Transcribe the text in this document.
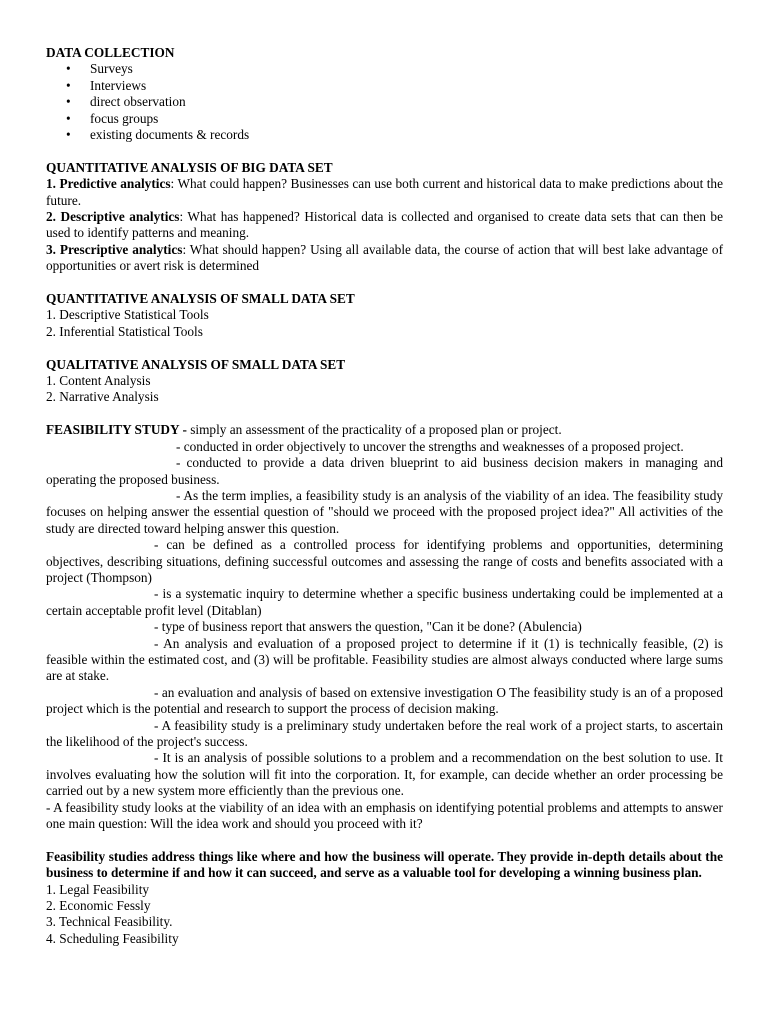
DATA COLLECTION

• Surveys
• Interviews
• direct observation
• focus groups
• existing documents & records

QUANTITATIVE ANALYSIS OF BIG DATA SET

1. Predictive analytics: What could happen? Businesses can use both current and historical data to make predictions about the future.

2. Descriptive analytics: What has happened? Historical data is collected and organised to create data sets that can then be used to identify patterns and meaning.

3. Prescriptive analytics: What should happen? Using all available data, the course of action that will best lake advantage of opportunities or avert risk is determined

QUANTITATIVE ANALYSIS OF SMALL DATA SET

1. Descriptive Statistical Tools

2. Inferential Statistical Tools

QUALITATIVE ANALYSIS OF SMALL DATA SET

1. Content Analysis

2. Narrative Analysis

FEASIBILITY STUDY - simply an assessment of the practicality of a proposed plan or project.

- conducted in order objectively to uncover the strengths and weaknesses of a proposed project.

- conducted to provide a data driven blueprint to aid business decision makers in managing and operating the proposed business.

- As the term implies, a feasibility study is an analysis of the viability of an idea. The feasibility study focuses on helping answer the essential question of "should we proceed with the proposed project idea?" All activities of the study are directed toward helping answer this question.

- can be defined as a controlled process for identifying problems and opportunities, determining objectives, describing situations, defining successful outcomes and assessing the range of costs and benefits associated with a project (Thompson)

- is a systematic inquiry to determine whether a specific business undertaking could be implemented at a certain acceptable profit level (Ditablan)

- type of business report that answers the question, "Can it be done? (Abulencia)

- An analysis and evaluation of a proposed project to determine if it (1) is technically feasible, (2) is feasible within the estimated cost, and (3) will be profitable. Feasibility studies are almost always conducted where large sums are at stake.

- an evaluation and analysis of based on extensive investigation O The feasibility study is an of a proposed project which is the potential and research to support the process of decision making.

- A feasibility study is a preliminary study undertaken before the real work of a project starts, to ascertain the likelihood of the project's success.

- It is an analysis of possible solutions to a problem and a recommendation on the best solution to use. It involves evaluating how the solution will fit into the corporation. It, for example, can decide whether an order processing be carried out by a new system more efficiently than the previous one.

- A feasibility study looks at the viability of an idea with an emphasis on identifying potential problems and attempts to answer one main question: Will the idea work and should you proceed with it?

Feasibility studies address things like where and how the business will operate. They provide in-depth details about the business to determine if and how it can succeed, and serve as a valuable tool for developing a winning business plan.

1. Legal Feasibility

2. Economic Fessly

3. Technical Feasibility.

4. Scheduling Feasibility
